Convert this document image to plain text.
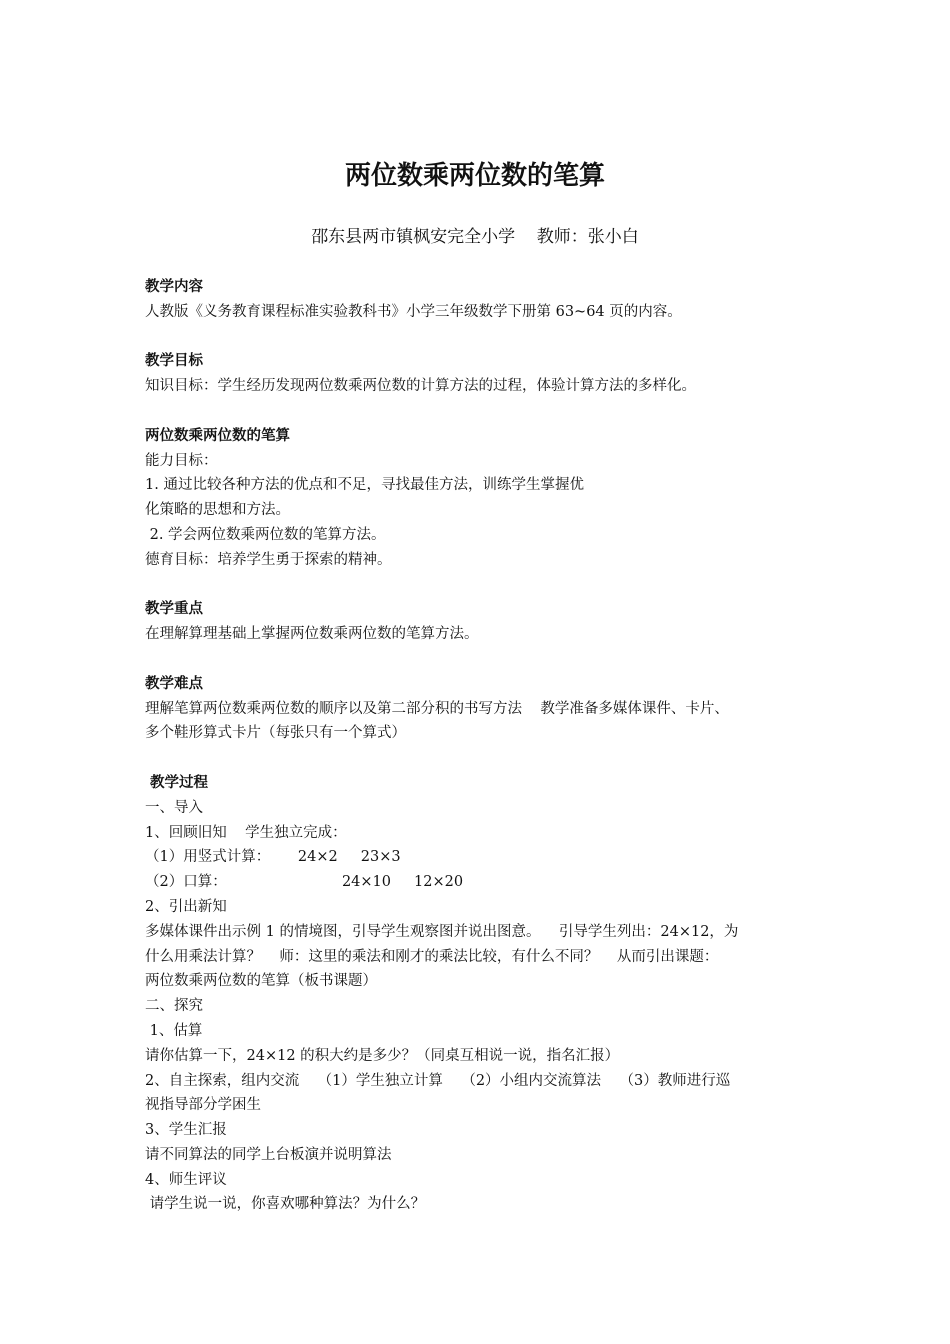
两位数乘两位数的笔算
邵东县两市镇枫安完全小学    教师：张小白
教学内容
人教版《义务教育课程标准实验教科书》小学三年级数学下册第 63~64 页的内容。
教学目标
知识目标：学生经历发现两位数乘两位数的计算方法的过程，体验计算方法的多样化。
两位数乘两位数的笔算
能力目标：
1. 通过比较各种方法的优点和不足，寻找最佳方法，训练学生掌握优
化策略的思想和方法。
2. 学会两位数乘两位数的笔算方法。
德育目标：培养学生勇于探索的精神。
教学重点
在理解算理基础上掌握两位数乘两位数的笔算方法。
教学难点
理解笔算两位数乘两位数的顺序以及第二部分积的书写方法    教学准备多媒体课件、卡片、
多个鞋形算式卡片（每张只有一个算式）
教学过程
一、导入
1、回顾旧知    学生独立完成：
（1）用竖式计算：      24×2     23×3
（2）口算：                         24×10     12×20
2、引出新知
多媒体课件出示例 1 的情境图，引导学生观察图并说出图意。    引导学生列出：24×12，为
什么用乘法计算？    师：这里的乘法和刚才的乘法比较，有什么不同？    从而引出课题：
两位数乘两位数的笔算（板书课题）
二、探究
1、估算
请你估算一下，24×12 的积大约是多少？（同桌互相说一说，指名汇报）
2、自主探索，组内交流    （1）学生独立计算    （2）小组内交流算法    （3）教师进行巡
视指导部分学困生
3、学生汇报
请不同算法的同学上台板演并说明算法
4、师生评议
请学生说一说，你喜欢哪种算法？为什么？
